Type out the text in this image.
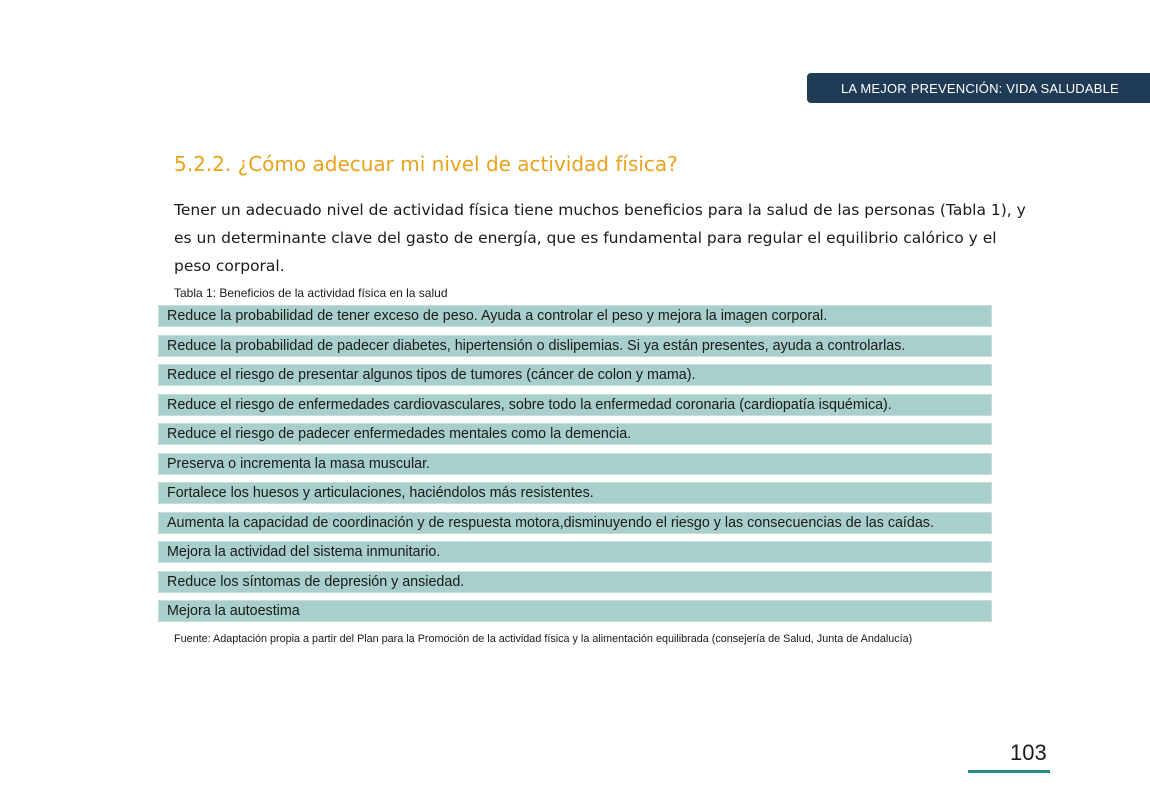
LA MEJOR PREVENCIÓN: VIDA SALUDABLE
5.2.2. ¿Cómo adecuar mi nivel de actividad física?

Tener un adecuado nivel de actividad física tiene muchos beneficios para la salud de las personas (Tabla 1), y es un determinante clave del gasto de energía, que es fundamental para regular el equilibrio calórico y el peso corporal.

Tabla 1: Beneficios de la actividad física en la salud
Reduce la probabilidad de tener exceso de peso. Ayuda a controlar el peso y mejora la imagen corporal.
Reduce la probabilidad de padecer diabetes, hipertensión o dislipemias. Si ya están presentes, ayuda a controlarlas.
Reduce el riesgo de presentar algunos tipos de tumores (cáncer de colon y mama).
Reduce el riesgo de enfermedades cardiovasculares, sobre todo la enfermedad coronaria (cardiopatía isquémica).
Reduce el riesgo de padecer enfermedades mentales como la demencia.
Preserva o incrementa la masa muscular.
Fortalece los huesos y articulaciones, haciéndolos más resistentes.
Aumenta la capacidad de coordinación y de respuesta motora,disminuyendo el riesgo y las consecuencias de las caídas.
Mejora la actividad del sistema inmunitario.
Reduce los síntomas de depresión y ansiedad.
Mejora la autoestima
Fuente: Adaptación propia a partir del Plan para la Promoción de la actividad física y la alimentación equilibrada (consejería de Salud, Junta de Andalucía)
103
